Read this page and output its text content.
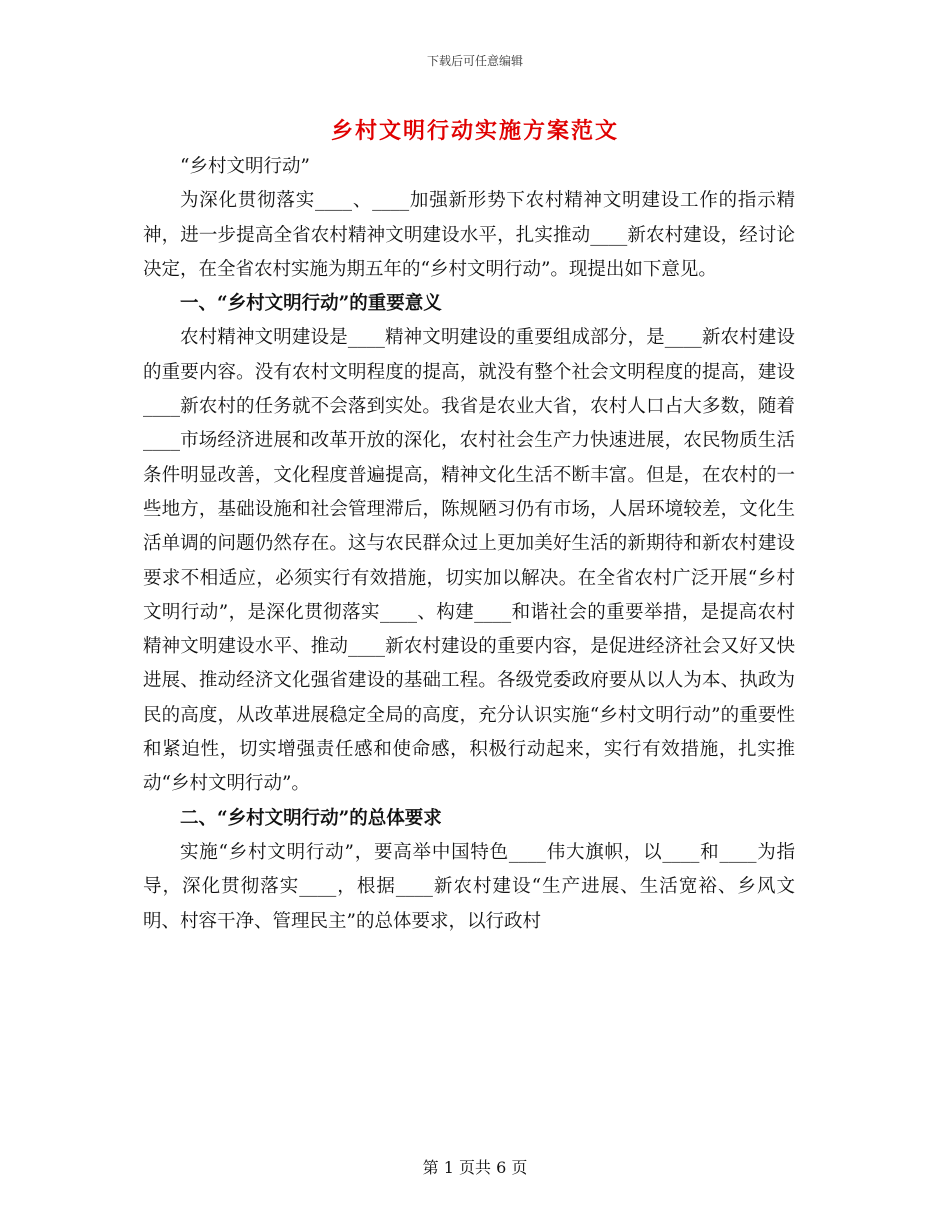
下载后可任意编辑
乡村文明行动实施方案范文

“乡村文明行动”

为深化贯彻落实____、____加强新形势下农村精神文明建设工作的指示精神，进一步提高全省农村精神文明建设水平，扎实推动____新农村建设，经讨论决定，在全省农村实施为期五年的“乡村文明行动”。现提出如下意见。

一、“乡村文明行动”的重要意义

农村精神文明建设是____精神文明建设的重要组成部分，是____新农村建设的重要内容。没有农村文明程度的提高，就没有整个社会文明程度的提高，建设____新农村的任务就不会落到实处。我省是农业大省，农村人口占大多数，随着____市场经济进展和改革开放的深化，农村社会生产力快速进展，农民物质生活条件明显改善，文化程度普遍提高，精神文化生活不断丰富。但是，在农村的一些地方，基础设施和社会管理滞后，陈规陋习仍有市场，人居环境较差，文化生活单调的问题仍然存在。这与农民群众过上更加美好生活的新期待和新农村建设要求不相适应，必须实行有效措施，切实加以解决。在全省农村广泛开展“乡村文明行动”，是深化贯彻落实____、构建____和谐社会的重要举措，是提高农村精神文明建设水平、推动____新农村建设的重要内容，是促进经济社会又好又快进展、推动经济文化强省建设的基础工程。各级党委政府要从以人为本、执政为民的高度，从改革进展稳定全局的高度，充分认识实施“乡村文明行动”的重要性和紧迫性，切实增强责任感和使命感，积极行动起来，实行有效措施，扎实推动“乡村文明行动”。

二、“乡村文明行动”的总体要求

实施“乡村文明行动”，要高举中国特色____伟大旗帜，以____和____为指导，深化贯彻落实____，根据____新农村建设“生产进展、生活宽裕、乡风文明、村容干净、管理民主”的总体要求，以行政村

第 1 页共 6 页
